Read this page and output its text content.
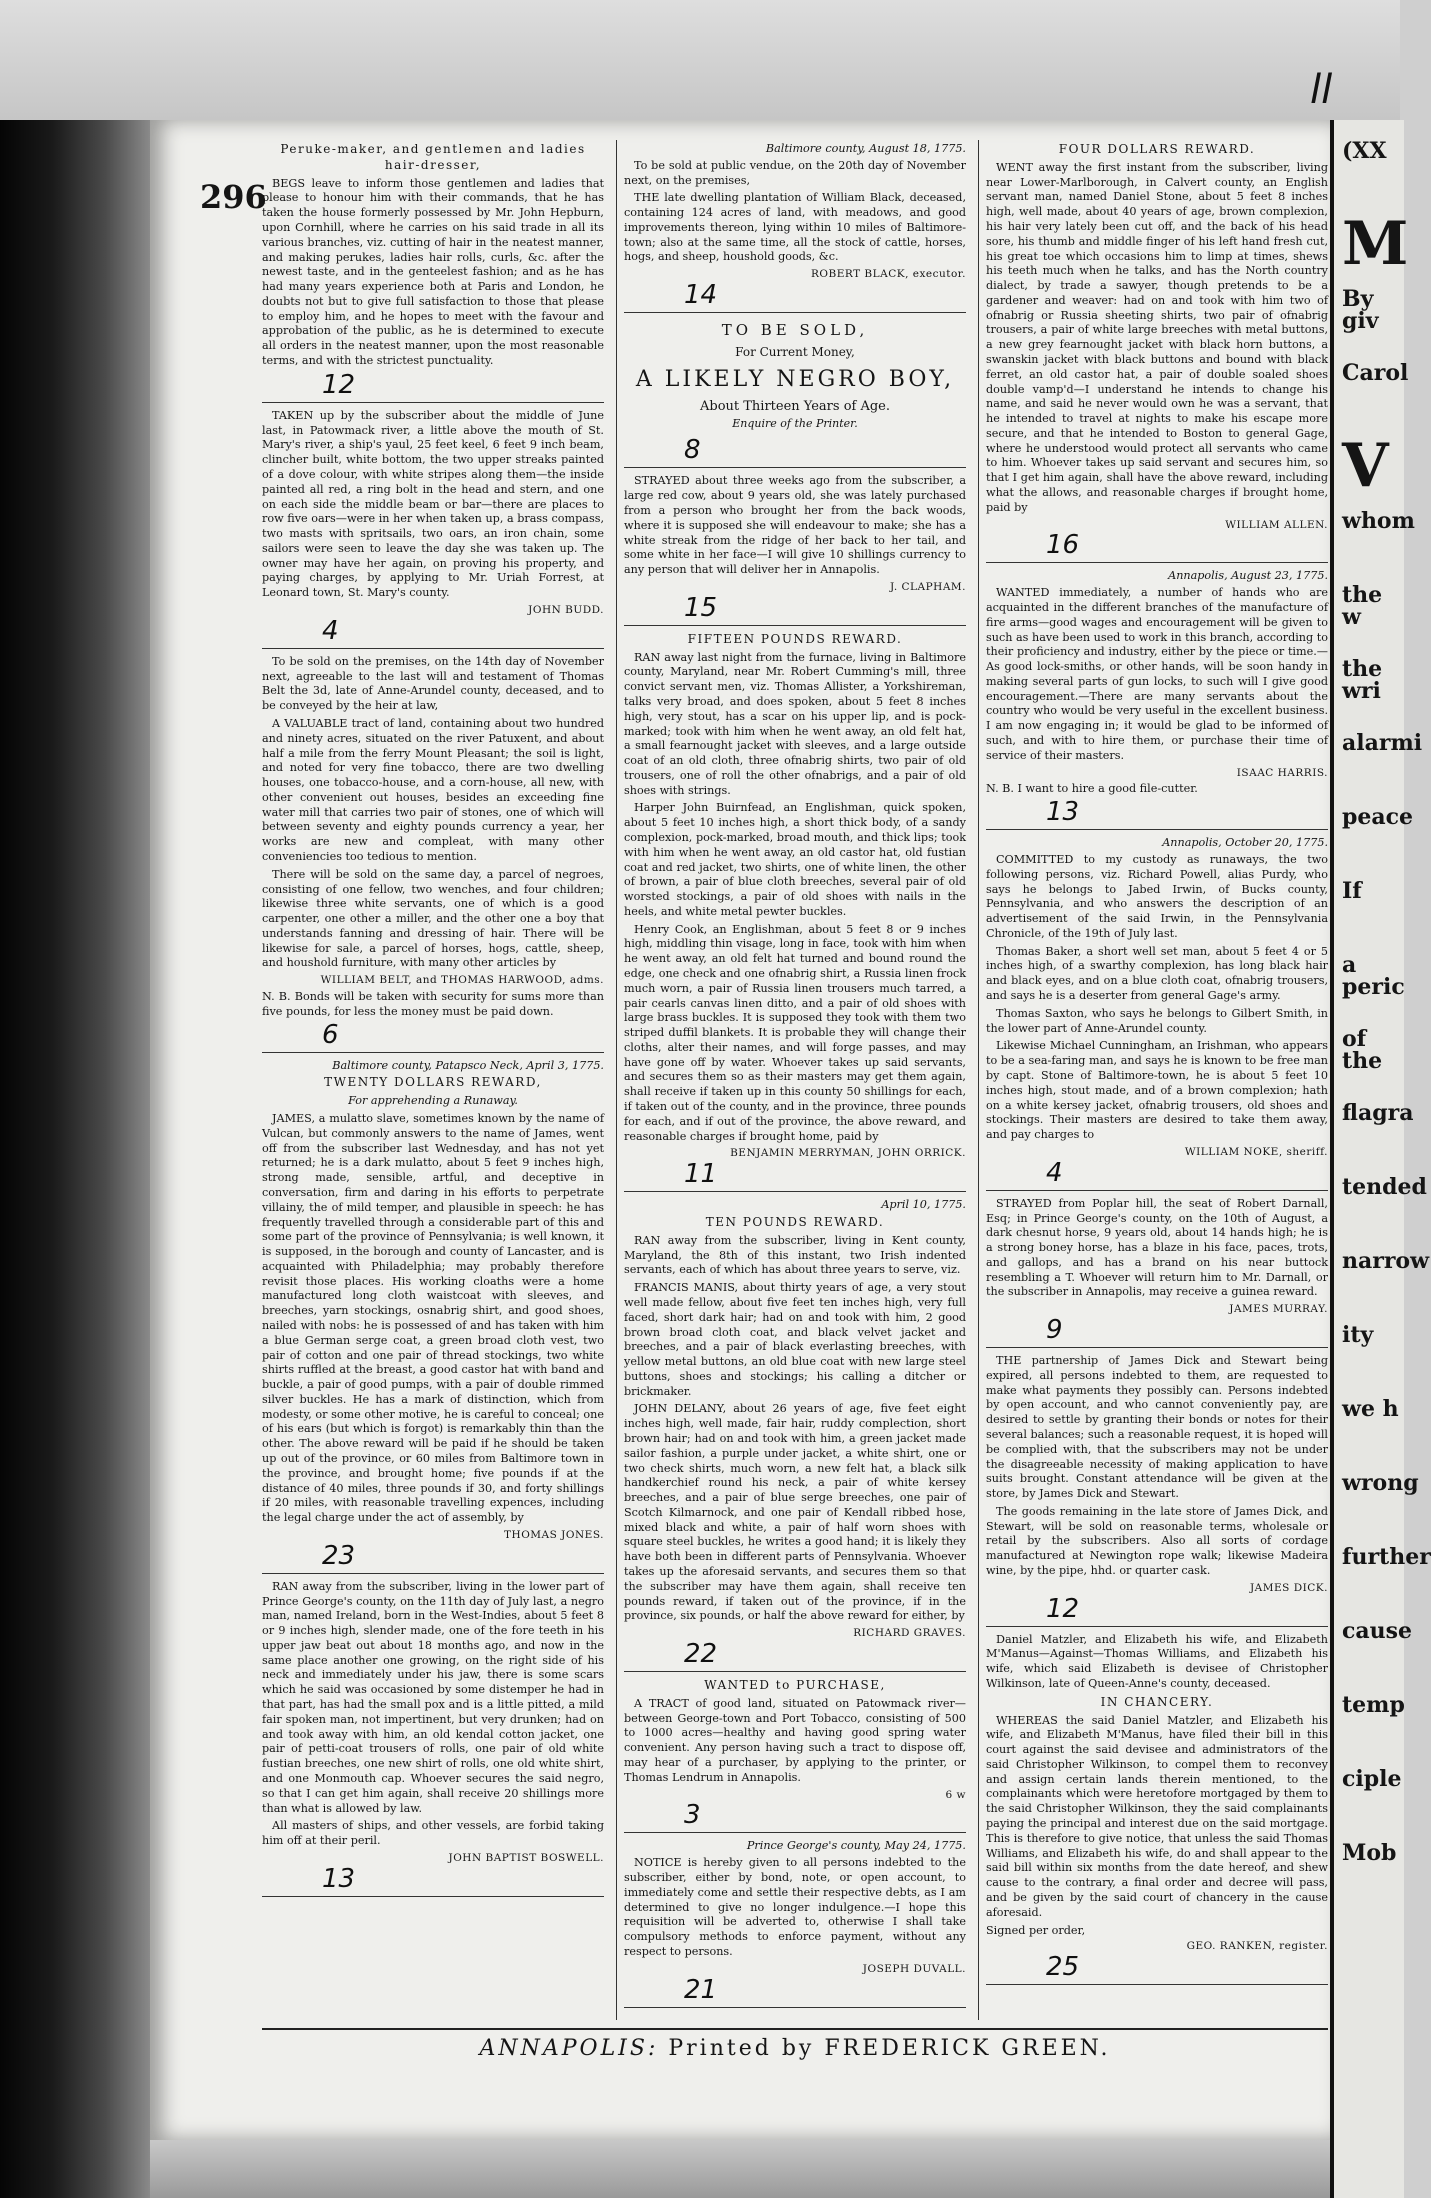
(XX
M
By giv
Carol
V
whom
the w
the wri
alarmi
peace
If
a peric
of the
flagra
tended
narrow
ity
we h
wrong
further
cause
temp
ciple
Mob
296
Peruke-maker, and gentlemen and ladies hair-dresser,

BEGS leave to inform those gentlemen and ladies that please to honour him with their commands, that he has taken the house formerly possessed by Mr. John Hepburn, upon Cornhill, where he carries on his said trade in all its various branches, viz. cutting of hair in the neatest manner, and making perukes, ladies hair rolls, curls, &c. after the newest taste, and in the genteelest fashion; and as he has had many years experience both at Paris and London, he doubts not but to give full satisfaction to those that please to employ him, and he hopes to meet with the favour and approbation of the public, as he is determined to execute all orders in the neatest manner, upon the most reasonable terms, and with the strictest punctuality.

12

TAKEN up by the subscriber about the middle of June last, in Patowmack river, a little above the mouth of St. Mary's river, a ship's yaul, 25 feet keel, 6 feet 9 inch beam, clincher built, white bottom, the two upper streaks painted of a dove colour, with white stripes along them—the inside painted all red, a ring bolt in the head and stern, and one on each side the middle beam or bar—there are places to row five oars—were in her when taken up, a brass compass, two masts with spritsails, two oars, an iron chain, some sailors were seen to leave the day she was taken up. The owner may have her again, on proving his property, and paying charges, by applying to Mr. Uriah Forrest, at Leonard town, St. Mary's county.

JOHN BUDD.
4

To be sold on the premises, on the 14th day of November next, agreeable to the last will and testament of Thomas Belt the 3d, late of Anne-Arundel county, deceased, and to be conveyed by the heir at law,

A VALUABLE tract of land, containing about two hundred and ninety acres, situated on the river Patuxent, and about half a mile from the ferry Mount Pleasant; the soil is light, and noted for very fine tobacco, there are two dwelling houses, one tobacco-house, and a corn-house, all new, with other convenient out houses, besides an exceeding fine water mill that carries two pair of stones, one of which will between seventy and eighty pounds currency a year, her works are new and compleat, with many other conveniencies too tedious to mention.

There will be sold on the same day, a parcel of negroes, consisting of one fellow, two wenches, and four children; likewise three white servants, one of which is a good carpenter, one other a miller, and the other one a boy that understands fanning and dressing of hair. There will be likewise for sale, a parcel of horses, hogs, cattle, sheep, and houshold furniture, with many other articles by

WILLIAM BELT, and THOMAS HARWOOD, adms.
N. B. Bonds will be taken with security for sums more than five pounds, for less the money must be paid down.
6
Baltimore county, Patapsco Neck, April 3, 1775.
TWENTY DOLLARS REWARD,
For apprehending a Runaway.

JAMES, a mulatto slave, sometimes known by the name of Vulcan, but commonly answers to the name of James, went off from the subscriber last Wednesday, and has not yet returned; he is a dark mulatto, about 5 feet 9 inches high, strong made, sensible, artful, and deceptive in conversation, firm and daring in his efforts to perpetrate villainy, the of mild temper, and plausible in speech: he has frequently travelled through a considerable part of this and some part of the province of Pennsylvania; is well known, it is supposed, in the borough and county of Lancaster, and is acquainted with Philadelphia; may probably therefore revisit those places. His working cloaths were a home manufactured long cloth waistcoat with sleeves, and breeches, yarn stockings, osnabrig shirt, and good shoes, nailed with nobs: he is possessed of and has taken with him a blue German serge coat, a green broad cloth vest, two pair of cotton and one pair of thread stockings, two white shirts ruffled at the breast, a good castor hat with band and buckle, a pair of good pumps, with a pair of double rimmed silver buckles. He has a mark of distinction, which from modesty, or some other motive, he is careful to conceal; one of his ears (but which is forgot) is remarkably thin than the other. The above reward will be paid if he should be taken up out of the province, or 60 miles from Baltimore town in the province, and brought home; five pounds if at the distance of 40 miles, three pounds if 30, and forty shillings if 20 miles, with reasonable travelling expences, including the legal charge under the act of assembly, by

THOMAS JONES.
23

RAN away from the subscriber, living in the lower part of Prince George's county, on the 11th day of July last, a negro man, named Ireland, born in the West-Indies, about 5 feet 8 or 9 inches high, slender made, one of the fore teeth in his upper jaw beat out about 18 months ago, and now in the same place another one growing, on the right side of his neck and immediately under his jaw, there is some scars which he said was occasioned by some distemper he had in that part, has had the small pox and is a little pitted, a mild fair spoken man, not impertinent, but very drunken; had on and took away with him, an old kendal cotton jacket, one pair of petti-coat trousers of rolls, one pair of old white fustian breeches, one new shirt of rolls, one old white shirt, and one Monmouth cap. Whoever secures the said negro, so that I can get him again, shall receive 20 shillings more than what is allowed by law.

All masters of ships, and other vessels, are forbid taking him off at their peril.

JOHN BAPTIST BOSWELL.
13
Baltimore county, August 18, 1775.

To be sold at public vendue, on the 20th day of November next, on the premises,

THE late dwelling plantation of William Black, deceased, containing 124 acres of land, with meadows, and good improvements thereon, lying within 10 miles of Baltimore-town; also at the same time, all the stock of cattle, horses, hogs, and sheep, houshold goods, &c.

ROBERT BLACK, executor.
14
TO BE SOLD,
For Current Money,
A LIKELY NEGRO BOY,
About Thirteen Years of Age.
Enquire of the Printer.
8

STRAYED about three weeks ago from the subscriber, a large red cow, about 9 years old, she was lately purchased from a person who brought her from the back woods, where it is supposed she will endeavour to make; she has a white streak from the ridge of her back to her tail, and some white in her face—I will give 10 shillings currency to any person that will deliver her in Annapolis.

J. CLAPHAM.
15
FIFTEEN POUNDS REWARD.

RAN away last night from the furnace, living in Baltimore county, Maryland, near Mr. Robert Cumming's mill, three convict servant men, viz. Thomas Allister, a Yorkshireman, talks very broad, and does spoken, about 5 feet 8 inches high, very stout, has a scar on his upper lip, and is pock-marked; took with him when he went away, an old felt hat, a small fearnought jacket with sleeves, and a large outside coat of an old cloth, three ofnabrig shirts, two pair of old trousers, one of roll the other ofnabrigs, and a pair of old shoes with strings.

Harper John Buirnfead, an Englishman, quick spoken, about 5 feet 10 inches high, a short thick body, of a sandy complexion, pock-marked, broad mouth, and thick lips; took with him when he went away, an old castor hat, old fustian coat and red jacket, two shirts, one of white linen, the other of brown, a pair of blue cloth breeches, several pair of old worsted stockings, a pair of old shoes with nails in the heels, and white metal pewter buckles.

Henry Cook, an Englishman, about 5 feet 8 or 9 inches high, middling thin visage, long in face, took with him when he went away, an old felt hat turned and bound round the edge, one check and one ofnabrig shirt, a Russia linen frock much worn, a pair of Russia linen trousers much tarred, a pair cearls canvas linen ditto, and a pair of old shoes with large brass buckles. It is supposed they took with them two striped duffil blankets. It is probable they will change their cloths, alter their names, and will forge passes, and may have gone off by water. Whoever takes up said servants, and secures them so as their masters may get them again, shall receive if taken up in this county 50 shillings for each, if taken out of the county, and in the province, three pounds for each, and if out of the province, the above reward, and reasonable charges if brought home, paid by

BENJAMIN MERRYMAN, JOHN ORRICK.
11
April 10, 1775.
TEN POUNDS REWARD.

RAN away from the subscriber, living in Kent county, Maryland, the 8th of this instant, two Irish indented servants, each of which has about three years to serve, viz.

FRANCIS MANIS, about thirty years of age, a very stout well made fellow, about five feet ten inches high, very full faced, short dark hair; had on and took with him, 2 good brown broad cloth coat, and black velvet jacket and breeches, and a pair of black everlasting breeches, with yellow metal buttons, an old blue coat with new large steel buttons, shoes and stockings; his calling a ditcher or brickmaker.

JOHN DELANY, about 26 years of age, five feet eight inches high, well made, fair hair, ruddy complection, short brown hair; had on and took with him, a green jacket made sailor fashion, a purple under jacket, a white shirt, one or two check shirts, much worn, a new felt hat, a black silk handkerchief round his neck, a pair of white kersey breeches, and a pair of blue serge breeches, one pair of Scotch Kilmarnock, and one pair of Kendall ribbed hose, mixed black and white, a pair of half worn shoes with square steel buckles, he writes a good hand; it is likely they have both been in different parts of Pennsylvania. Whoever takes up the aforesaid servants, and secures them so that the subscriber may have them again, shall receive ten pounds reward, if taken out of the province, if in the province, six pounds, or half the above reward for either, by

RICHARD GRAVES.
22
WANTED to PURCHASE,

A TRACT of good land, situated on Patowmack river—between George-town and Port Tobacco, consisting of 500 to 1000 acres—healthy and having good spring water convenient. Any person having such a tract to dispose off, may hear of a purchaser, by applying to the printer, or Thomas Lendrum in Annapolis.

6 w
3
Prince George's county, May 24, 1775.

NOTICE is hereby given to all persons indebted to the subscriber, either by bond, note, or open account, to immediately come and settle their respective debts, as I am determined to give no longer indulgence.—I hope this requisition will be adverted to, otherwise I shall take compulsory methods to enforce payment, without any respect to persons.

JOSEPH DUVALL.
21
FOUR DOLLARS REWARD.

WENT away the first instant from the subscriber, living near Lower-Marlborough, in Calvert county, an English servant man, named Daniel Stone, about 5 feet 8 inches high, well made, about 40 years of age, brown complexion, his hair very lately been cut off, and the back of his head sore, his thumb and middle finger of his left hand fresh cut, his great toe which occasions him to limp at times, shews his teeth much when he talks, and has the North country dialect, by trade a sawyer, though pretends to be a gardener and weaver: had on and took with him two of ofnabrig or Russia sheeting shirts, two pair of ofnabrig trousers, a pair of white large breeches with metal buttons, a new grey fearnought jacket with black horn buttons, a swanskin jacket with black buttons and bound with black ferret, an old castor hat, a pair of double soaled shoes double vamp'd—I understand he intends to change his name, and said he never would own he was a servant, that he intended to travel at nights to make his escape more secure, and that he intended to Boston to general Gage, where he understood would protect all servants who came to him. Whoever takes up said servant and secures him, so that I get him again, shall have the above reward, including what the allows, and reasonable charges if brought home, paid by

WILLIAM ALLEN.
16
Annapolis, August 23, 1775.

WANTED immediately, a number of hands who are acquainted in the different branches of the manufacture of fire arms—good wages and encouragement will be given to such as have been used to work in this branch, according to their proficiency and industry, either by the piece or time.—As good lock-smiths, or other hands, will be soon handy in making several parts of gun locks, to such will I give good encouragement.—There are many servants about the country who would be very useful in the excellent business. I am now engaging in; it would be glad to be informed of such, and with to hire them, or purchase their time of service of their masters.

ISAAC HARRIS.
N. B. I want to hire a good file-cutter.
13
Annapolis, October 20, 1775.

COMMITTED to my custody as runaways, the two following persons, viz. Richard Powell, alias Purdy, who says he belongs to Jabed Irwin, of Bucks county, Pennsylvania, and who answers the description of an advertisement of the said Irwin, in the Pennsylvania Chronicle, of the 19th of July last.

Thomas Baker, a short well set man, about 5 feet 4 or 5 inches high, of a swarthy complexion, has long black hair and black eyes, and on a blue cloth coat, ofnabrig trousers, and says he is a deserter from general Gage's army.

Thomas Saxton, who says he belongs to Gilbert Smith, in the lower part of Anne-Arundel county.

Likewise Michael Cunningham, an Irishman, who appears to be a sea-faring man, and says he is known to be free man by capt. Stone of Baltimore-town, he is about 5 feet 10 inches high, stout made, and of a brown complexion; hath on a white kersey jacket, ofnabrig trousers, old shoes and stockings. Their masters are desired to take them away, and pay charges to

WILLIAM NOKE, sheriff.
4

STRAYED from Poplar hill, the seat of Robert Darnall, Esq; in Prince George's county, on the 10th of August, a dark chesnut horse, 9 years old, about 14 hands high; he is a strong boney horse, has a blaze in his face, paces, trots, and gallops, and has a brand on his near buttock resembling a T. Whoever will return him to Mr. Darnall, or the subscriber in Annapolis, may receive a guinea reward.

JAMES MURRAY.
9

THE partnership of James Dick and Stewart being expired, all persons indebted to them, are requested to make what payments they possibly can. Persons indebted by open account, and who cannot conveniently pay, are desired to settle by granting their bonds or notes for their several balances; such a reasonable request, it is hoped will be complied with, that the subscribers may not be under the disagreeable necessity of making application to have suits brought. Constant attendance will be given at the store, by James Dick and Stewart.

The goods remaining in the late store of James Dick, and Stewart, will be sold on reasonable terms, wholesale or retail by the subscribers. Also all sorts of cordage manufactured at Newington rope walk; likewise Madeira wine, by the pipe, hhd. or quarter cask.

JAMES DICK.
12

Daniel Matzler, and Elizabeth his wife, and Elizabeth M'Manus—Against—Thomas Williams, and Elizabeth his wife, which said Elizabeth is devisee of Christopher Wilkinson, late of Queen-Anne's county, deceased.

IN CHANCERY.

WHEREAS the said Daniel Matzler, and Elizabeth his wife, and Elizabeth M'Manus, have filed their bill in this court against the said devisee and administrators of the said Christopher Wilkinson, to compel them to reconvey and assign certain lands therein mentioned, to the complainants which were heretofore mortgaged by them to the said Christopher Wilkinson, they the said complainants paying the principal and interest due on the said mortgage. This is therefore to give notice, that unless the said Thomas Williams, and Elizabeth his wife, do and shall appear to the said bill within six months from the date hereof, and shew cause to the contrary, a final order and decree will pass, and be given by the said court of chancery in the cause aforesaid.

Signed per order,
GEO. RANKEN, register.
25
ANNAPOLIS: Printed by FREDERICK GREEN.
ll
